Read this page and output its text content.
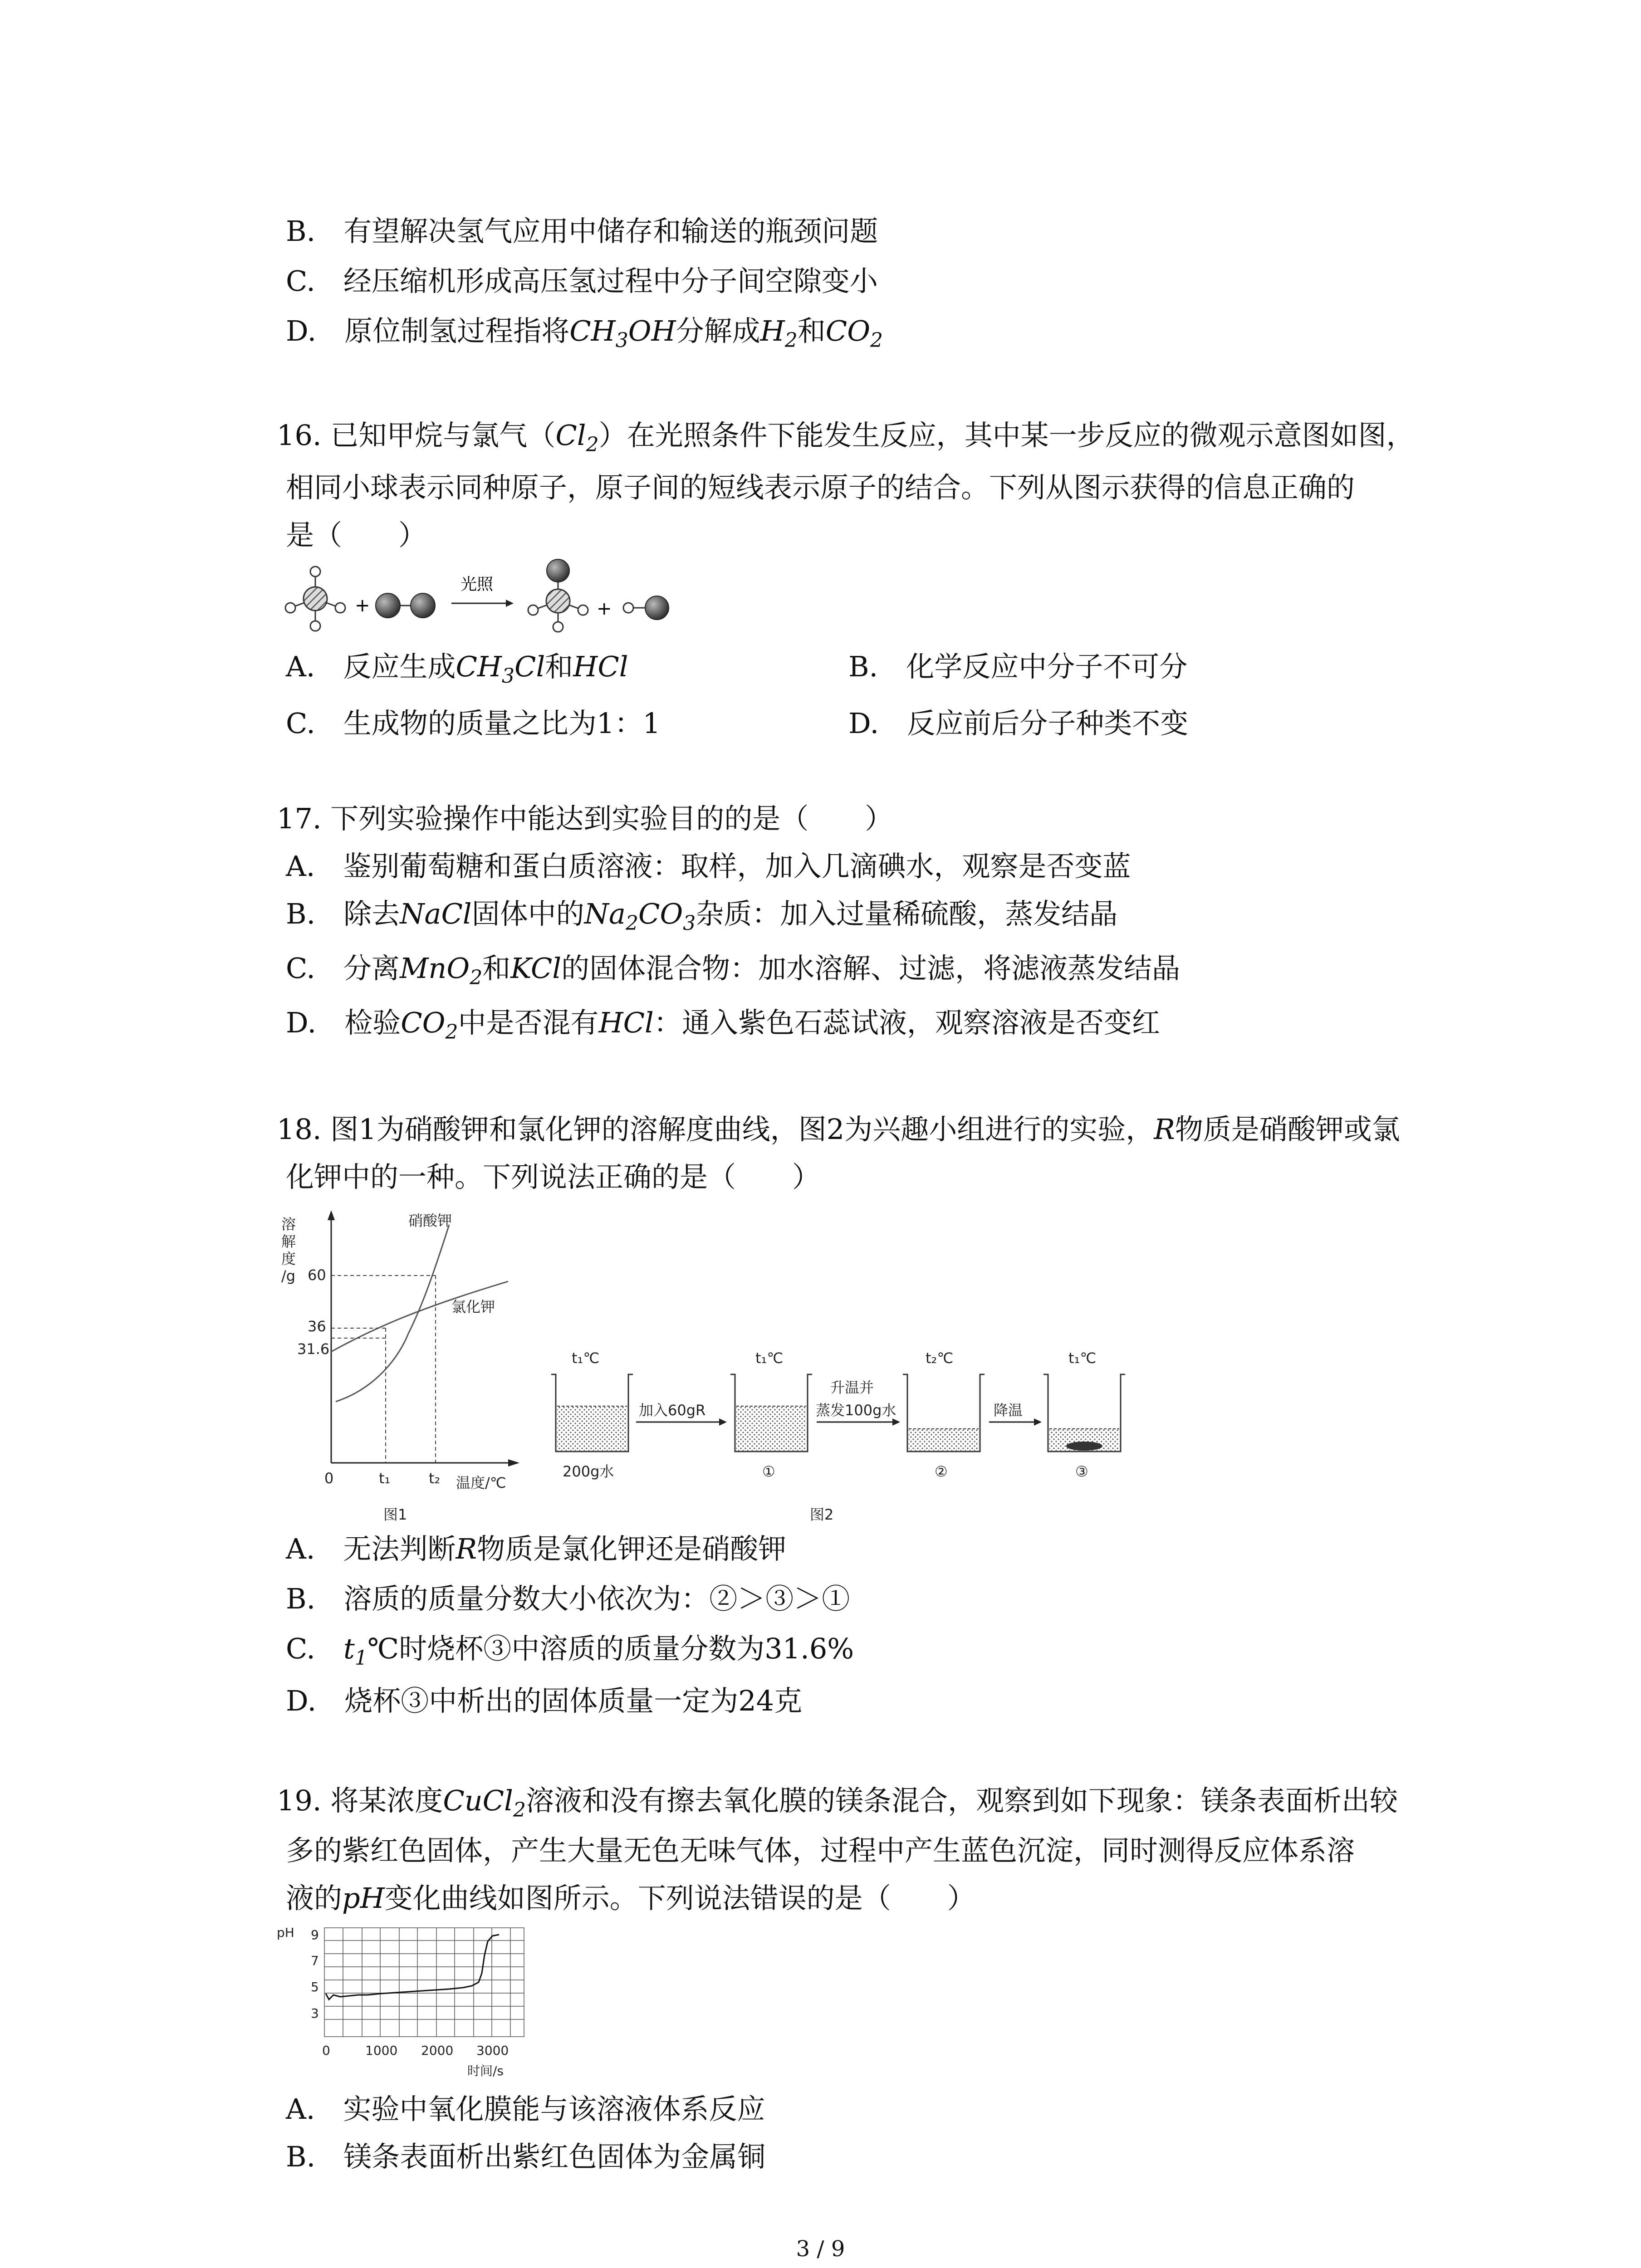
B.　有望解决氢气应用中储存和输送的瓶颈问题
C.　经压缩机形成高压氢过程中分子间空隙变小
D.　原位制氢过程指将$CH_3OH$分解成$H_2$和$CO_2$
16. 已知甲烷与氯气$(Cl_2)$在光照条件下能发生反应，其中某一步反应的微观示意图如图，
相同小球表示同种原子，原子间的短线表示原子的结合。下列从图示获得的信息正确的
是（　　）
+
光照
+
A.　反应生成$CH_3Cl$和HCl	B.　化学反应中分子不可分
C.　生成物的质量之比为1：1	D.　反应前后分子种类不变
17. 下列实验操作中能达到实验目的的是（　　）
A.　鉴别葡萄糖和蛋白质溶液：取样，加入几滴碘水，观察是否变蓝
B.　除去NaCl固体中的$Na_2CO_3$杂质：加入过量稀硫酸，蒸发结晶
C.　分离MnO$_2$和KCl的固体混合物：加水溶解、过滤，将滤液蒸发结晶
D.　检验$CO_2$中是否混有HCl：通入紫色石蕊试液，观察溶液是否变红
18. 图1为硝酸钾和氯化钾的溶解度曲线，图2为兴趣小组进行的实验，R物质是硝酸钾或氯
化钾中的一种。下列说法正确的是（　　）
溶
解
度
/g
硝酸钾
氯化钾
60
36
31.6
0	t₁	t₂ 温度/℃
图1
t₁℃	t₁℃	t₂℃	t₁℃
加入60gR
升温并
蒸发100g水	降温
200g水	①	②	③
图2
A.　无法判断R物质是氯化钾还是硝酸钾
B.　溶质的质量分数大小依次为：②＞③＞①
C.　$t_1℃$时烧杯③中溶质的质量分数为31.6%
D.　烧杯③中析出的固体质量一定为24克
19. 将某浓度CuCl$_2$溶液和没有擦去氧化膜的镁条混合，观察到如下现象：镁条表面析出较
多的紫红色固体，产生大量无色无味气体，过程中产生蓝色沉淀，同时测得反应体系溶
液的pH变化曲线如图所示。下列说法错误的是（　　）
pH 9
7
5
3
0	1000 2000 3000
时间/s
A.　实验中氧化膜能与该溶液体系反应
B.　镁条表面析出紫红色固体为金属铜
3 / 9
